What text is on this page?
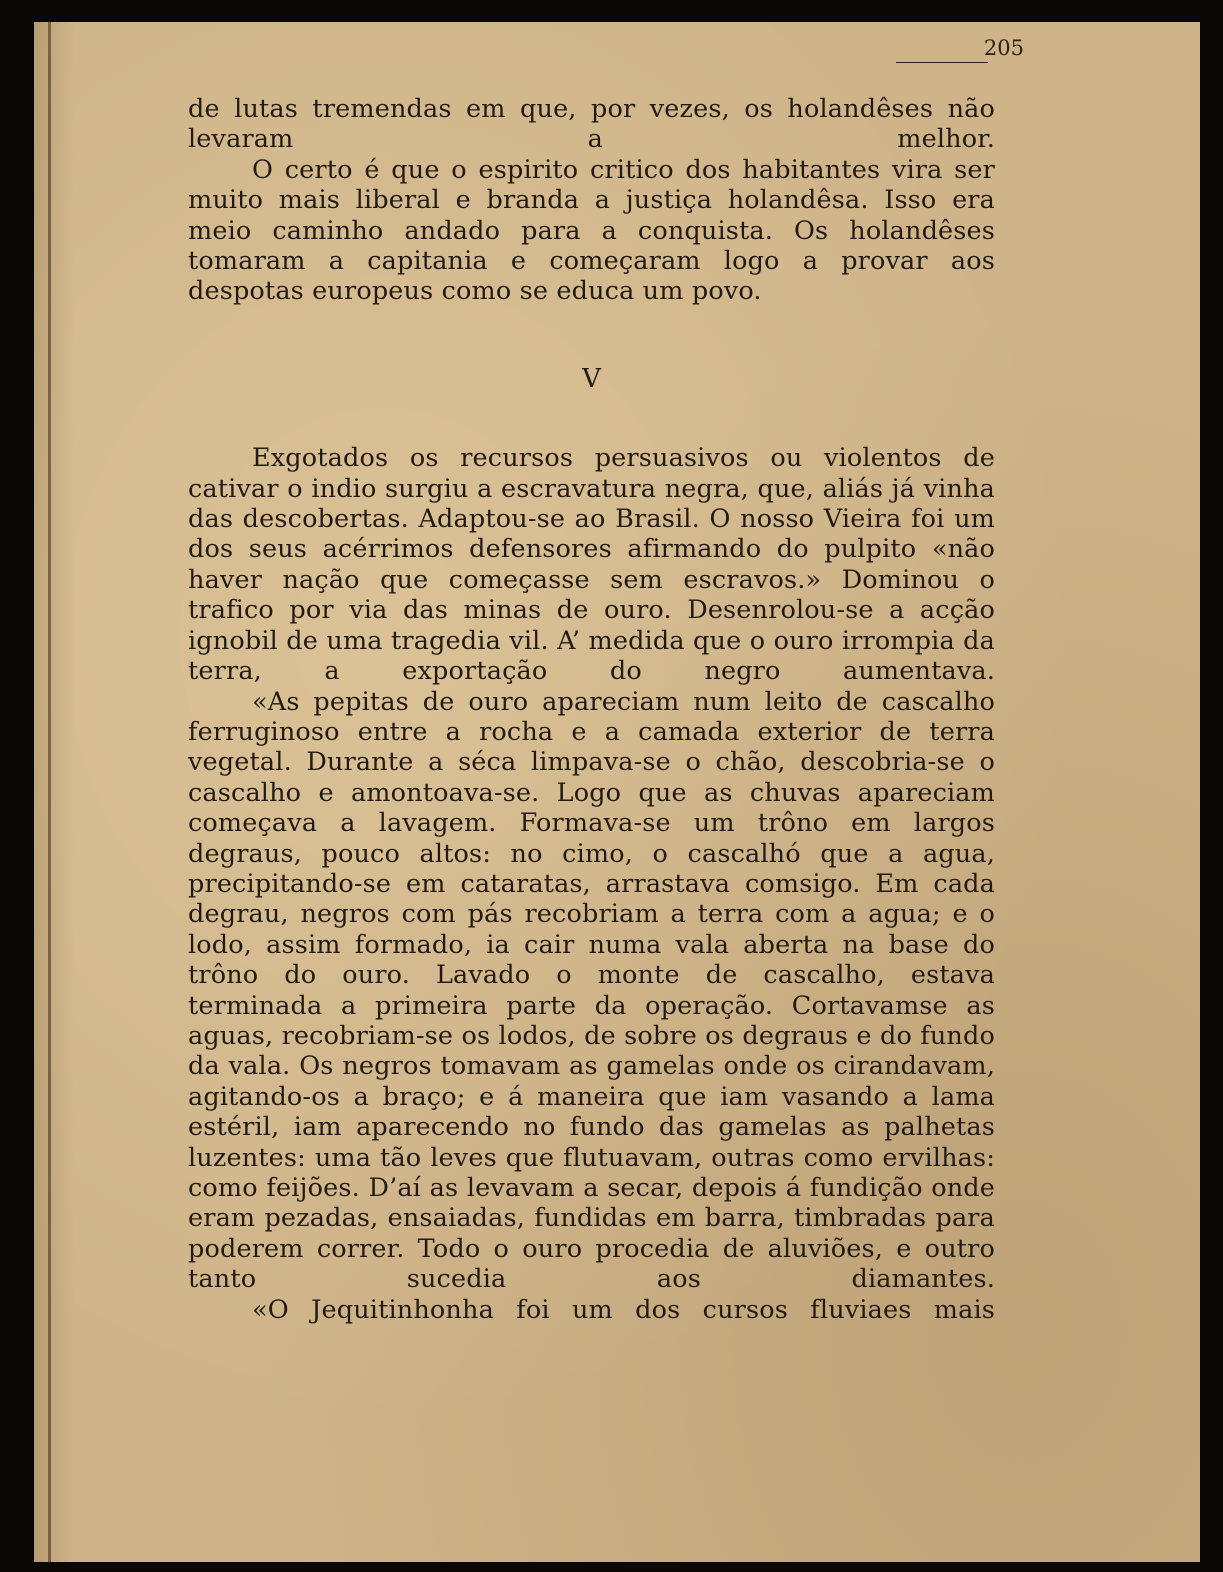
205

de lutas tremendas em que, por vezes, os holandêses não levaram a melhor.

O certo é que o espirito critico dos habitantes vira ser muito mais liberal e branda a justiça holandêsa. Isso era meio caminho andado para a conquista. Os holandêses tomaram a capitania e começaram logo a provar aos despotas europeus como se educa um povo.

V

Exgotados os recursos persuasivos ou violentos de cativar o indio surgiu a escravatura negra, que, aliás já vinha das descobertas. Adaptou-se ao Brasil. O nosso Vieira foi um dos seus acérrimos defensores afirmando do pulpito «não haver nação que começasse sem escravos.» Dominou o trafico por via das minas de ouro. Desenrolou-se a acção ignobil de uma tragedia vil. A’ medida que o ouro irrompia da terra, a exportação do negro aumentava.

«As pepitas de ouro apareciam num leito de cascalho ferruginoso entre a rocha e a camada exterior de terra vegetal. Durante a séca limpava-se o chão, descobria-se o cascalho e amontoava-se. Logo que as chuvas apareciam começava a lavagem. Formava-se um trôno em largos degraus, pouco altos: no cimo, o cascalhó que a agua, precipitando-se em cataratas, arrastava comsigo. Em cada degrau, negros com pás recobriam a terra com a agua; e o lodo, assim formado, ia cair numa vala aberta na base do trôno do ouro. Lavado o monte de cascalho, estava terminada a primeira parte da operação. Cortavamse as aguas, recobriam-se os lodos, de sobre os degraus e do fundo da vala. Os negros tomavam as gamelas onde os cirandavam, agitando-os a braço; e á maneira que iam vasando a lama estéril, iam aparecendo no fundo das gamelas as palhetas luzentes: uma tão leves que flutuavam, outras como ervilhas: como feijões. D’aí as levavam a secar, depois á fundição onde eram pezadas, ensaiadas, fundidas em barra, timbradas para poderem correr. Todo o ouro procedia de aluviões, e outro tanto sucedia aos diamantes.

«O Jequitinhonha foi um dos cursos fluviaes mais
